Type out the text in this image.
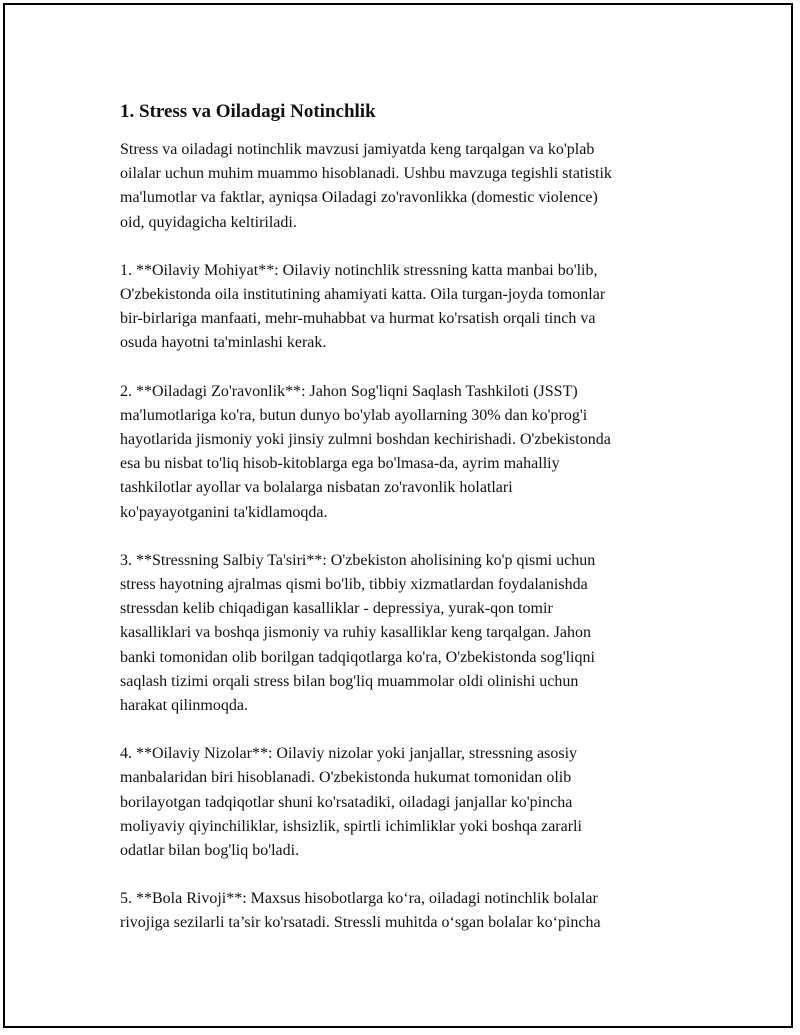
1. Stress va Oiladagi Notinchlik

Stress va oiladagi notinchlik mavzusi jamiyatda keng tarqalgan va ko'plab
oilalar uchun muhim muammo hisoblanadi. Ushbu mavzuga tegishli statistik
ma'lumotlar va faktlar, ayniqsa Oiladagi zo'ravonlikka (domestic violence)
oid, quyidagicha keltiriladi.

1. **Oilaviy Mohiyat**: Oilaviy notinchlik stressning katta manbai bo'lib,
O'zbekistonda oila institutining ahamiyati katta. Oila turgan-joyda tomonlar
bir-birlariga manfaati, mehr-muhabbat va hurmat ko'rsatish orqali tinch va
osuda hayotni ta'minlashi kerak.

2. **Oiladagi Zo'ravonlik**: Jahon Sog'liqni Saqlash Tashkiloti (JSST)
ma'lumotlariga ko'ra, butun dunyo bo'ylab ayollarning 30% dan ko'prog'i
hayotlarida jismoniy yoki jinsiy zulmni boshdan kechirishadi. O'zbekistonda
esa bu nisbat to'liq hisob-kitoblarga ega bo'lmasa-da, ayrim mahalliy
tashkilotlar ayollar va bolalarga nisbatan zo'ravonlik holatlari
ko'payayotganini ta'kidlamoqda.

3. **Stressning Salbiy Ta'siri**: O'zbekiston aholisining ko'p qismi uchun
stress hayotning ajralmas qismi bo'lib, tibbiy xizmatlardan foydalanishda
stressdan kelib chiqadigan kasalliklar - depressiya, yurak-qon tomir
kasalliklari va boshqa jismoniy va ruhiy kasalliklar keng tarqalgan. Jahon
banki tomonidan olib borilgan tadqiqotlarga ko'ra, O'zbekistonda sog'liqni
saqlash tizimi orqali stress bilan bog'liq muammolar oldi olinishi uchun
harakat qilinmoqda.

4. **Oilaviy Nizolar**: Oilaviy nizolar yoki janjallar, stressning asosiy
manbalaridan biri hisoblanadi. O'zbekistonda hukumat tomonidan olib
borilayotgan tadqiqotlar shuni ko'rsatadiki, oiladagi janjallar ko'pincha
moliyaviy qiyinchiliklar, ishsizlik, spirtli ichimliklar yoki boshqa zararli
odatlar bilan bog'liq bo'ladi.

5. **Bola Rivoji**: Maxsus hisobotlarga ko‘ra, oiladagi notinchlik bolalar
rivojiga sezilarli ta’sir ko'rsatadi. Stressli muhitda o‘sgan bolalar ko‘pincha
